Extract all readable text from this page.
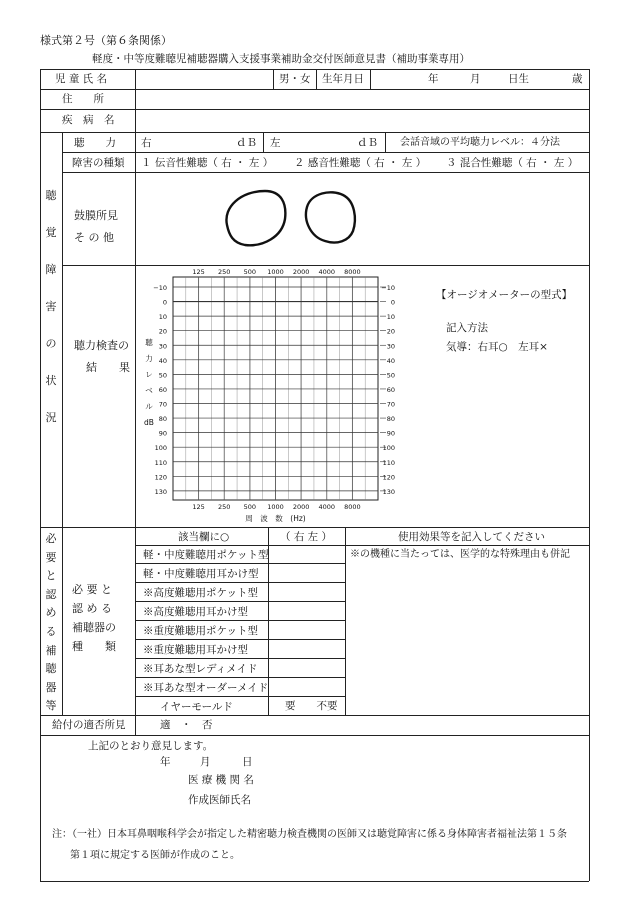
様式第２号（第６条関係）
軽度・中等度難聴児補聴器購入支援事業補助金交付医師意見書（補助事業専用）
児 童 氏 名	男・女 生年月日	年	月	日生	歳
住　　所
疾　病　名
聴
覚
障
害
の
状
況
聴　　力 右	ｄＢ 左	ｄＢ 会話音域の平均聴力レベル：４分法
障害の種類 １ 伝音性難聴（ 右 ・ 左 ） ２ 感音性難聴（ 右 ・ 左 ） ３ 混合性難聴（ 右 ・ 左 ）
鼓膜所見
そ の 他
聴力検査の
結　　果
−10	−10
0	0
10	10
20	20
30	30
40	40
50	50
60	60
70	70
80	80
90	90
100	100
110	110
120	120
130	130
125 250 500 1000 2000 4000 8000
125 250 500 1000 2000 4000 8000
周　波　数　(Hz)
聴
力
レ
ベ
ル
dB
【オージオメーターの型式】
記入方法
気導：右耳○　左耳×
必
要
と
認
め
る
補
聴
器
等
必 要 と
認 め る
補聴器の
種　　類
該当欄に○	（ 右 左 ）	使用効果等を記入してください
※の機種に当たっては、医学的な特殊理由も併記
軽・中度難聴用ポケット型
軽・中度難聴用耳かけ型
※高度難聴用ポケット型
※高度難聴用耳かけ型
※重度難聴用ポケット型
※重度難聴用耳かけ型
※耳あな型レディメイド
※耳あな型オーダーメイド
イヤーモールド	要　　不要
給付の適否所見	適　・　否
上記のとおり意見します。
年	月	日
医 療 機 関 名
作成医師氏名
注：（一社）日本耳鼻咽喉科学会が指定した精密聴力検査機関の医師又は聴覚障害に係る身体障害者福祉法第１５条
第１項に規定する医師が作成のこと。
